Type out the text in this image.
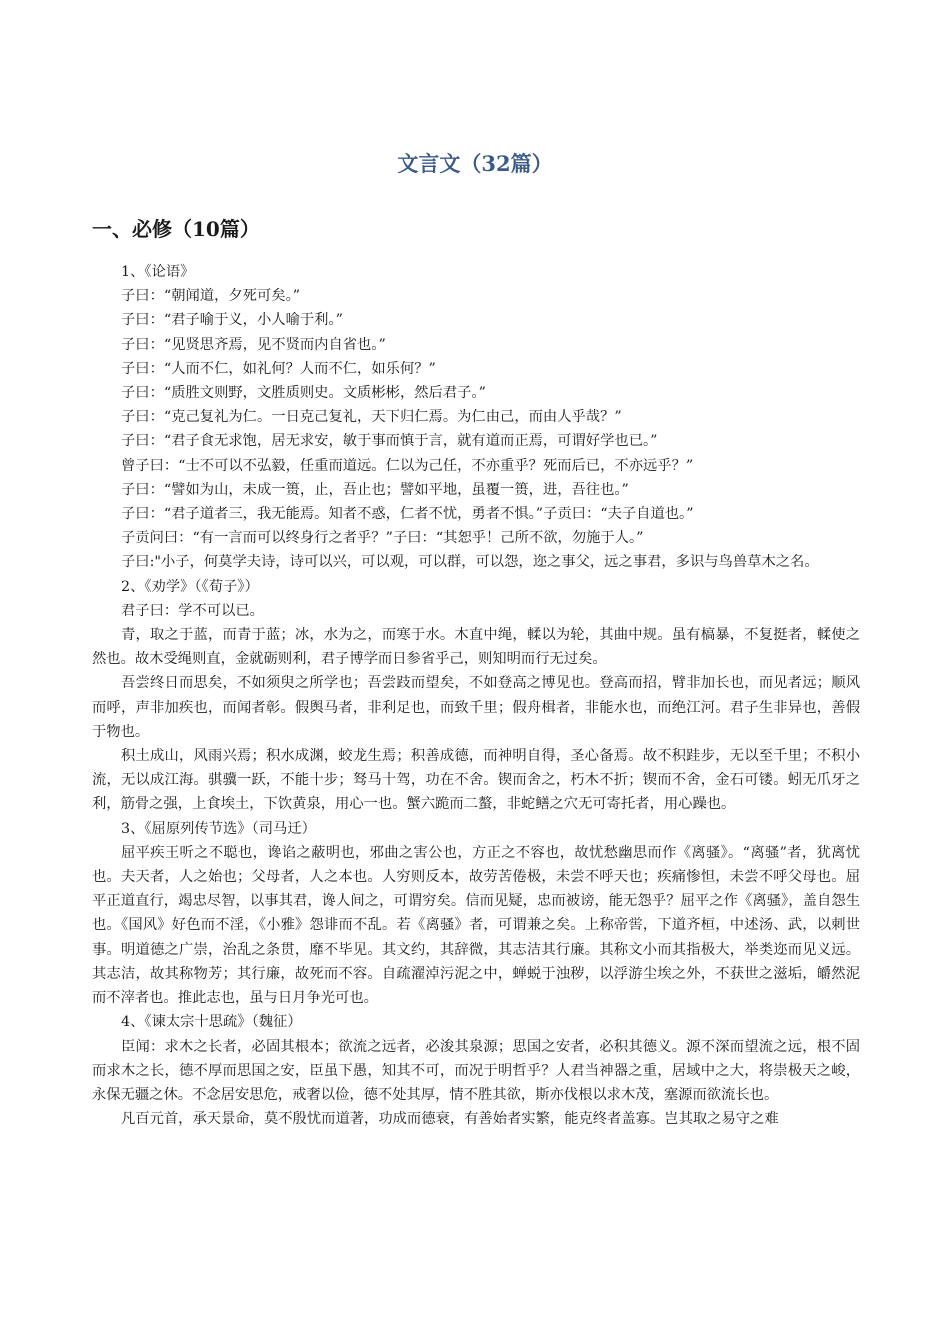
文言文（32篇）
一、必修（10篇）
1、《论语》
子曰：“朝闻道，夕死可矣。”
子曰：“君子喻于义，小人喻于利。”
子曰：“见贤思齐焉，见不贤而内自省也。”
子曰：“人而不仁，如礼何？人而不仁，如乐何？”
子曰：“质胜文则野，文胜质则史。文质彬彬，然后君子。”
子曰：“克己复礼为仁。一日克己复礼，天下归仁焉。为仁由己，而由人乎哉？”
子曰：“君子食无求饱，居无求安，敏于事而慎于言，就有道而正焉，可谓好学也已。”
曾子曰：“士不可以不弘毅，任重而道远。仁以为己任，不亦重乎？死而后已，不亦远乎？”
子曰：“譬如为山，未成一篑，止，吾止也；譬如平地，虽覆一篑，进，吾往也。”
子曰：“君子道者三，我无能焉。知者不惑，仁者不忧，勇者不惧。”子贡曰：“夫子自道也。”
子贡问曰：“有一言而可以终身行之者乎？”子曰：“其恕乎！己所不欲，勿施于人。”
子曰:"小子，何莫学夫诗，诗可以兴，可以观，可以群，可以怨，迩之事父，远之事君，多识与鸟兽草木之名。
2、《劝学》（《荀子》）
君子曰：学不可以已。
青，取之于蓝，而青于蓝；冰，水为之，而寒于水。木直中绳，輮以为轮，其曲中规。虽有槁暴，不复挺者，輮使之然也。故木受绳则直，金就砺则利，君子博学而日参省乎己，则知明而行无过矣。
吾尝终日而思矣，不如须臾之所学也；吾尝跂而望矣，不如登高之博见也。登高而招，臂非加长也，而见者远；顺风而呼，声非加疾也，而闻者彰。假舆马者，非利足也，而致千里；假舟楫者，非能水也，而绝江河。君子生非异也，善假于物也。
积土成山，风雨兴焉；积水成渊，蛟龙生焉；积善成德，而神明自得，圣心备焉。故不积跬步，无以至千里；不积小流，无以成江海。骐骥一跃，不能十步；驽马十驾，功在不舍。锲而舍之，朽木不折；锲而不舍，金石可镂。蚓无爪牙之利，筋骨之强，上食埃土，下饮黄泉，用心一也。蟹六跪而二螯，非蛇鳝之穴无可寄托者，用心躁也。
3、《屈原列传节选》（司马迁）
屈平疾王听之不聪也，谗谄之蔽明也，邪曲之害公也，方正之不容也，故忧愁幽思而作《离骚》。“离骚”者，犹离忧也。夫天者，人之始也；父母者，人之本也。人穷则反本，故劳苦倦极，未尝不呼天也；疾痛惨怛，未尝不呼父母也。屈平正道直行，竭忠尽智，以事其君，谗人间之，可谓穷矣。信而见疑，忠而被谤，能无怨乎？屈平之作《离骚》，盖自怨生也。《国风》好色而不淫，《小雅》怨诽而不乱。若《离骚》者，可谓兼之矣。上称帝喾，下道齐桓，中述汤、武，以刺世事。明道德之广崇，治乱之条贯，靡不毕见。其文约，其辞微，其志洁其行廉。其称文小而其指极大，举类迩而见义远。其志洁，故其称物芳；其行廉，故死而不容。自疏濯淖污泥之中，蝉蜕于浊秽，以浮游尘埃之外，不获世之滋垢，皭然泥而不滓者也。推此志也，虽与日月争光可也。
4、《谏太宗十思疏》（魏征）
臣闻：求木之长者，必固其根本；欲流之远者，必浚其泉源；思国之安者，必积其德义。源不深而望流之远，根不固而求木之长，德不厚而思国之安，臣虽下愚，知其不可，而况于明哲乎？人君当神器之重，居域中之大，将崇极天之峻，永保无疆之休。不念居安思危，戒奢以俭，德不处其厚，情不胜其欲，斯亦伐根以求木茂，塞源而欲流长也。
凡百元首，承天景命，莫不殷忧而道著，功成而德衰，有善始者实繁，能克终者盖寡。岂其取之易守之难
